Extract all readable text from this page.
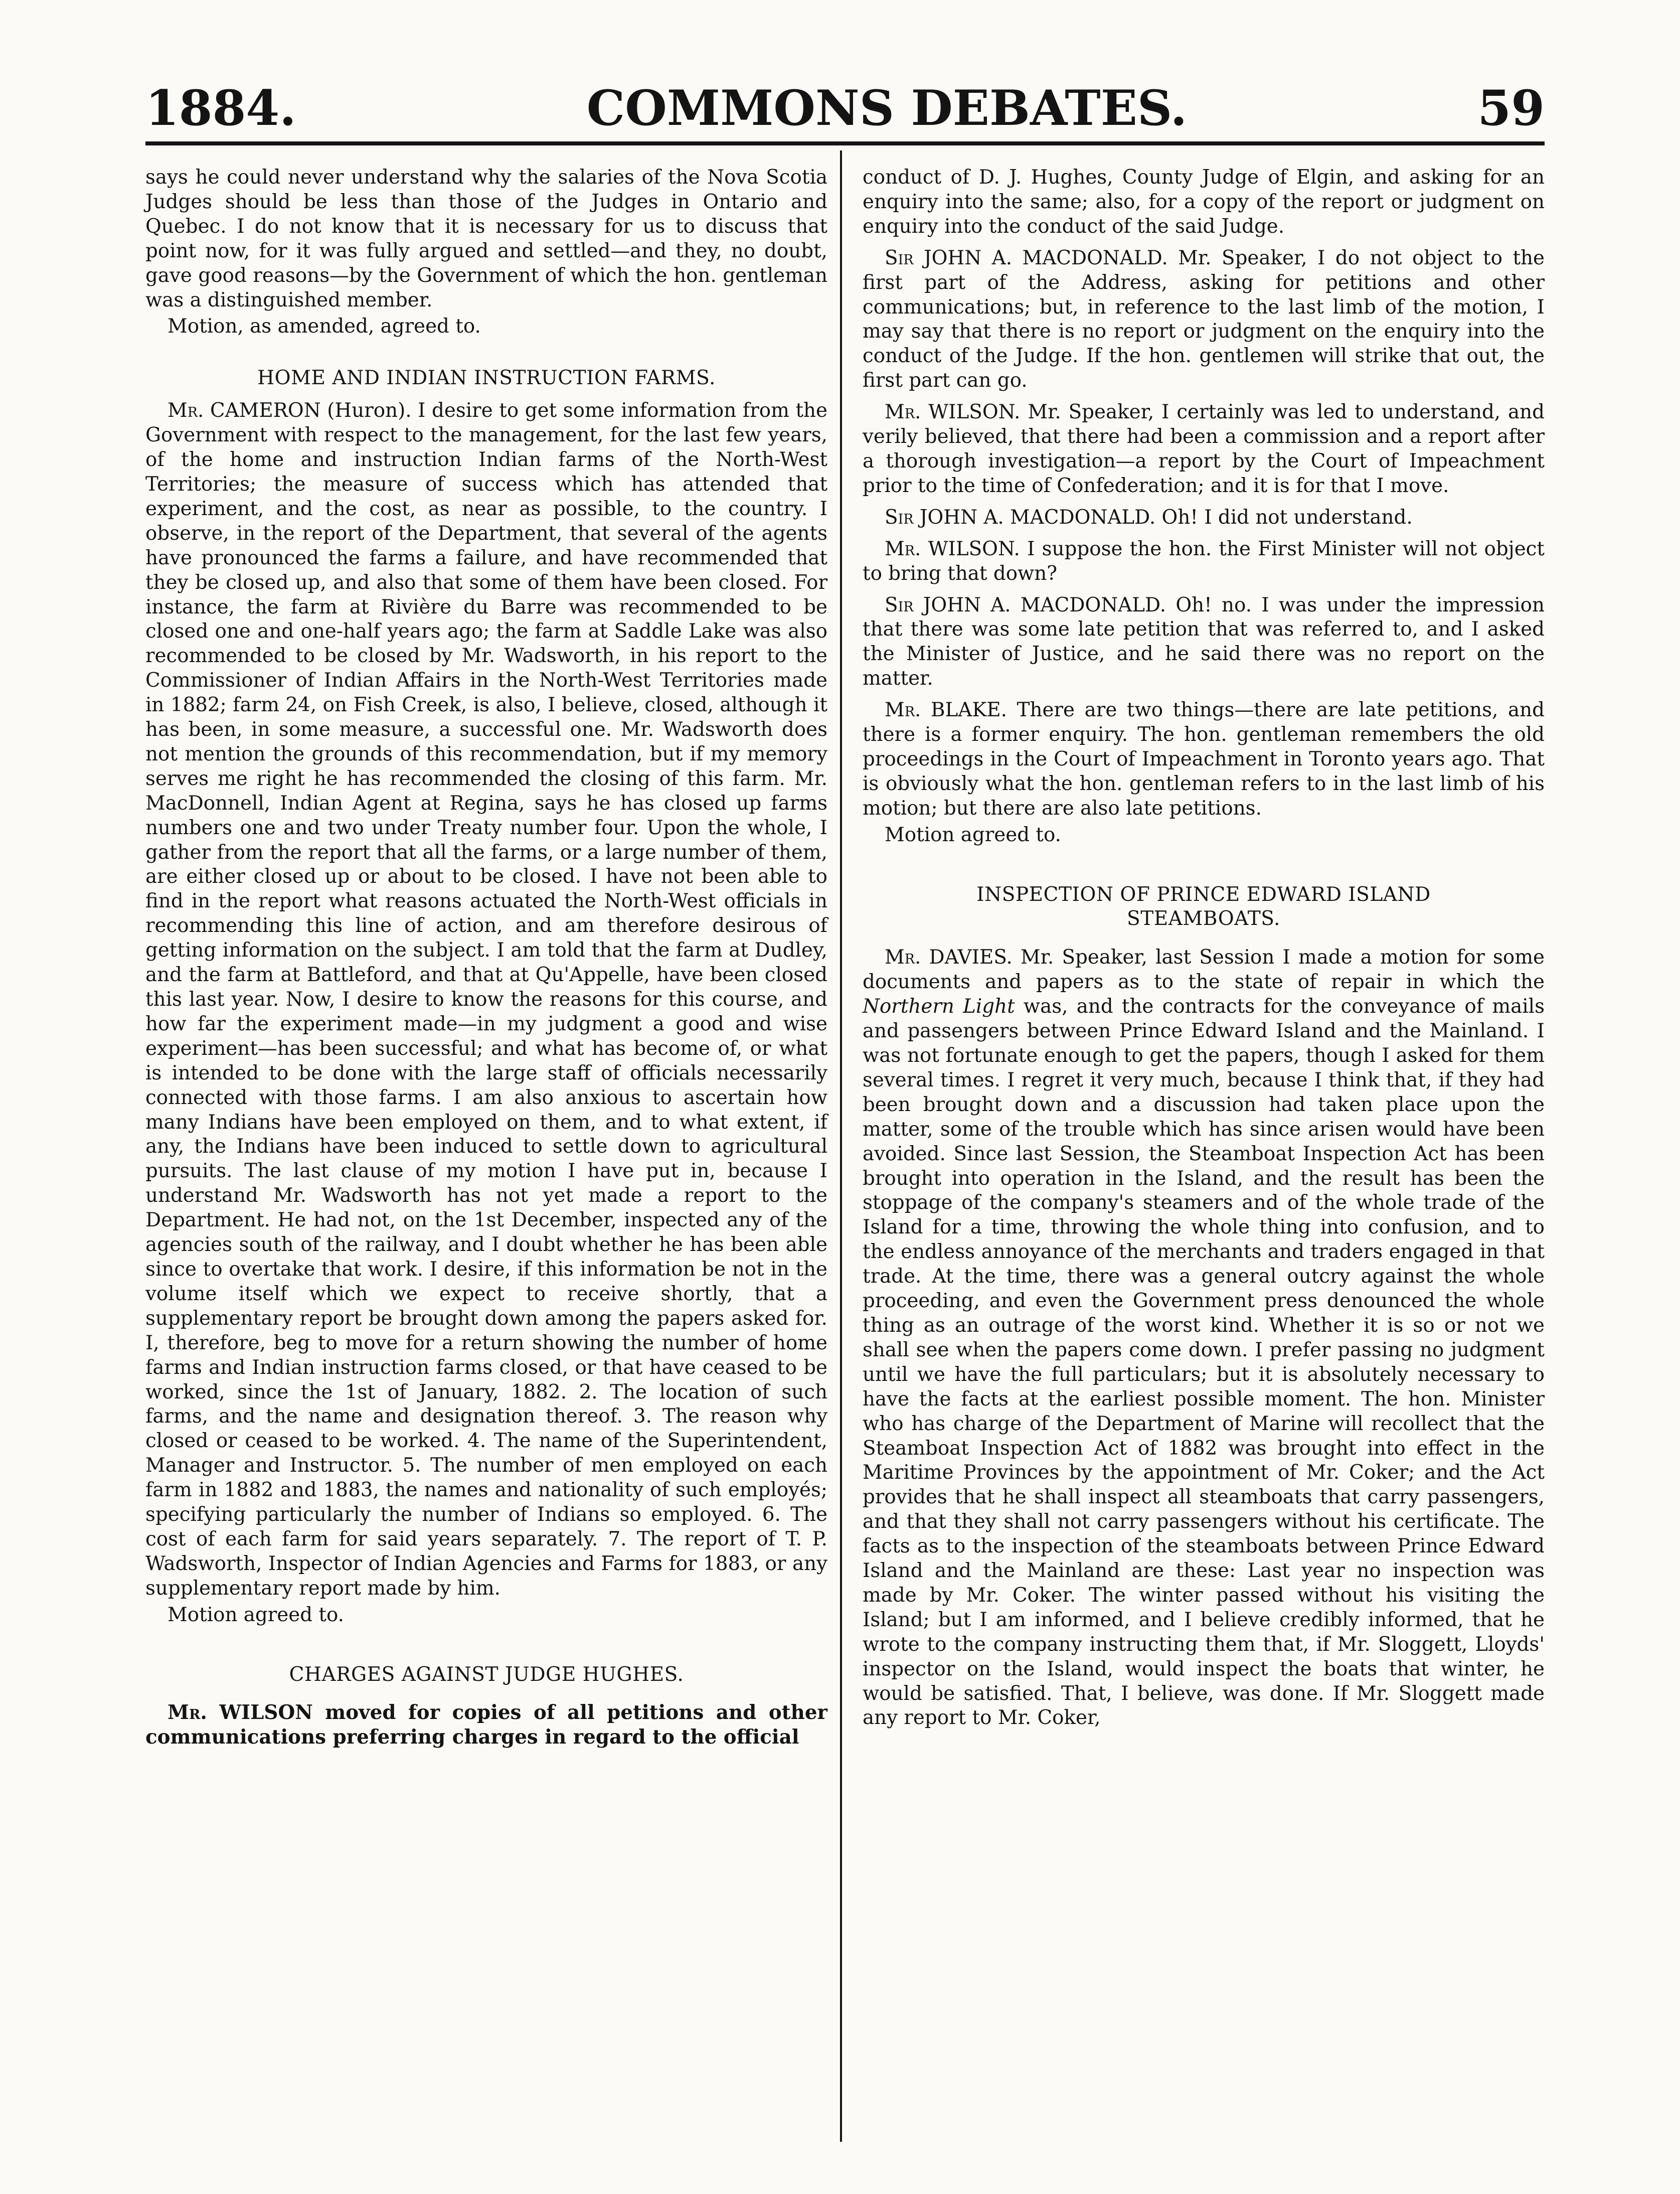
1884.	COMMONS DEBATES.	59

says he could never understand why the salaries of the Nova Scotia Judges should be less than those of the Judges in Ontario and Quebec. I do not know that it is necessary for us to discuss that point now, for it was fully argued and settled—and they, no doubt, gave good reasons—by the Government of which the hon. gentleman was a distinguished member.

Motion, as amended, agreed to.

HOME AND INDIAN INSTRUCTION FARMS.

Mr. CAMERON (Huron). I desire to get some information from the Government with respect to the management, for the last few years, of the home and instruction Indian farms of the North-West Territories; the measure of success which has attended that experiment, and the cost, as near as possible, to the country. I observe, in the report of the Department, that several of the agents have pronounced the farms a failure, and have recommended that they be closed up, and also that some of them have been closed. For instance, the farm at Rivière du Barre was recommended to be closed one and one-half years ago; the farm at Saddle Lake was also recommended to be closed by Mr. Wadsworth, in his report to the Commissioner of Indian Affairs in the North-West Territories made in 1882; farm 24, on Fish Creek, is also, I believe, closed, although it has been, in some measure, a successful one. Mr. Wadsworth does not mention the grounds of this recommendation, but if my memory serves me right he has recommended the closing of this farm. Mr. MacDonnell, Indian Agent at Regina, says he has closed up farms numbers one and two under Treaty number four. Upon the whole, I gather from the report that all the farms, or a large number of them, are either closed up or about to be closed. I have not been able to find in the report what reasons actuated the North-West officials in recommending this line of action, and am therefore desirous of getting information on the subject. I am told that the farm at Dudley, and the farm at Battleford, and that at Qu'Appelle, have been closed this last year. Now, I desire to know the reasons for this course, and how far the experiment made—in my judgment a good and wise experiment—has been successful; and what has become of, or what is intended to be done with the large staff of officials necessarily connected with those farms. I am also anxious to ascertain how many Indians have been employed on them, and to what extent, if any, the Indians have been induced to settle down to agricultural pursuits. The last clause of my motion I have put in, because I understand Mr. Wadsworth has not yet made a report to the Department. He had not, on the 1st December, inspected any of the agencies south of the railway, and I doubt whether he has been able since to overtake that work. I desire, if this information be not in the volume itself which we expect to receive shortly, that a supplementary report be brought down among the papers asked for. I, therefore, beg to move for a return showing the number of home farms and Indian instruction farms closed, or that have ceased to be worked, since the 1st of January, 1882. 2. The location of such farms, and the name and designation thereof. 3. The reason why closed or ceased to be worked. 4. The name of the Superintendent, Manager and Instructor. 5. The number of men employed on each farm in 1882 and 1883, the names and nationality of such employés; specifying particularly the number of Indians so employed. 6. The cost of each farm for said years separately. 7. The report of T. P. Wadsworth, Inspector of Indian Agencies and Farms for 1883, or any supplementary report made by him.

Motion agreed to.

CHARGES AGAINST JUDGE HUGHES.

Mr. WILSON moved for copies of all petitions and other communications preferring charges in regard to the official

conduct of D. J. Hughes, County Judge of Elgin, and asking for an enquiry into the same; also, for a copy of the report or judgment on enquiry into the conduct of the said Judge.

Sir JOHN A. MACDONALD. Mr. Speaker, I do not object to the first part of the Address, asking for petitions and other communications; but, in reference to the last limb of the motion, I may say that there is no report or judgment on the enquiry into the conduct of the Judge. If the hon. gentlemen will strike that out, the first part can go.

Mr. WILSON. Mr. Speaker, I certainly was led to understand, and verily believed, that there had been a commission and a report after a thorough investigation—a report by the Court of Impeachment prior to the time of Confederation; and it is for that I move.

Sir JOHN A. MACDONALD. Oh! I did not understand.

Mr. WILSON. I suppose the hon. the First Minister will not object to bring that down?

Sir JOHN A. MACDONALD. Oh! no. I was under the impression that there was some late petition that was referred to, and I asked the Minister of Justice, and he said there was no report on the matter.

Mr. BLAKE. There are two things—there are late petitions, and there is a former enquiry. The hon. gentleman remembers the old proceedings in the Court of Impeachment in Toronto years ago. That is obviously what the hon. gentleman refers to in the last limb of his motion; but there are also late petitions.

Motion agreed to.

INSPECTION OF PRINCE EDWARD ISLAND
STEAMBOATS.

Mr. DAVIES. Mr. Speaker, last Session I made a motion for some documents and papers as to the state of repair in which the Northern Light was, and the contracts for the conveyance of mails and passengers between Prince Edward Island and the Mainland. I was not fortunate enough to get the papers, though I asked for them several times. I regret it very much, because I think that, if they had been brought down and a discussion had taken place upon the matter, some of the trouble which has since arisen would have been avoided. Since last Session, the Steamboat Inspection Act has been brought into operation in the Island, and the result has been the stoppage of the company's steamers and of the whole trade of the Island for a time, throwing the whole thing into confusion, and to the endless annoyance of the merchants and traders engaged in that trade. At the time, there was a general outcry against the whole proceeding, and even the Government press denounced the whole thing as an outrage of the worst kind. Whether it is so or not we shall see when the papers come down. I prefer passing no judgment until we have the full particulars; but it is absolutely necessary to have the facts at the earliest possible moment. The hon. Minister who has charge of the Department of Marine will recollect that the Steamboat Inspection Act of 1882 was brought into effect in the Maritime Provinces by the appointment of Mr. Coker; and the Act provides that he shall inspect all steamboats that carry passengers, and that they shall not carry passengers without his certificate. The facts as to the inspection of the steamboats between Prince Edward Island and the Mainland are these: Last year no inspection was made by Mr. Coker. The winter passed without his visiting the Island; but I am informed, and I believe credibly informed, that he wrote to the company instructing them that, if Mr. Sloggett, Lloyds' inspector on the Island, would inspect the boats that winter, he would be satisfied. That, I believe, was done. If Mr. Sloggett made any report to Mr. Coker,
